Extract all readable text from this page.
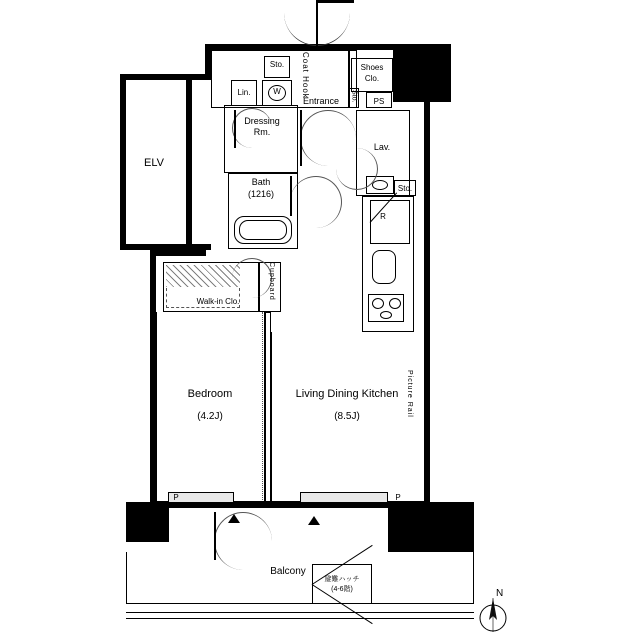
ELV
Entrance
Dressing
Rm.
Bath
(1216)
Lav.
Shoes
Clo.
Sto.
Sto.
Sto.
PS
W
Lin.
R
Coat Hook
Walk-in Clo.
Cupboard
Bedroom
(4.2J)
Living Dining Kitchen
(8.5J)	Picture Rail
Balcony
避難ハッチ
(4-6階)
P	P
N
